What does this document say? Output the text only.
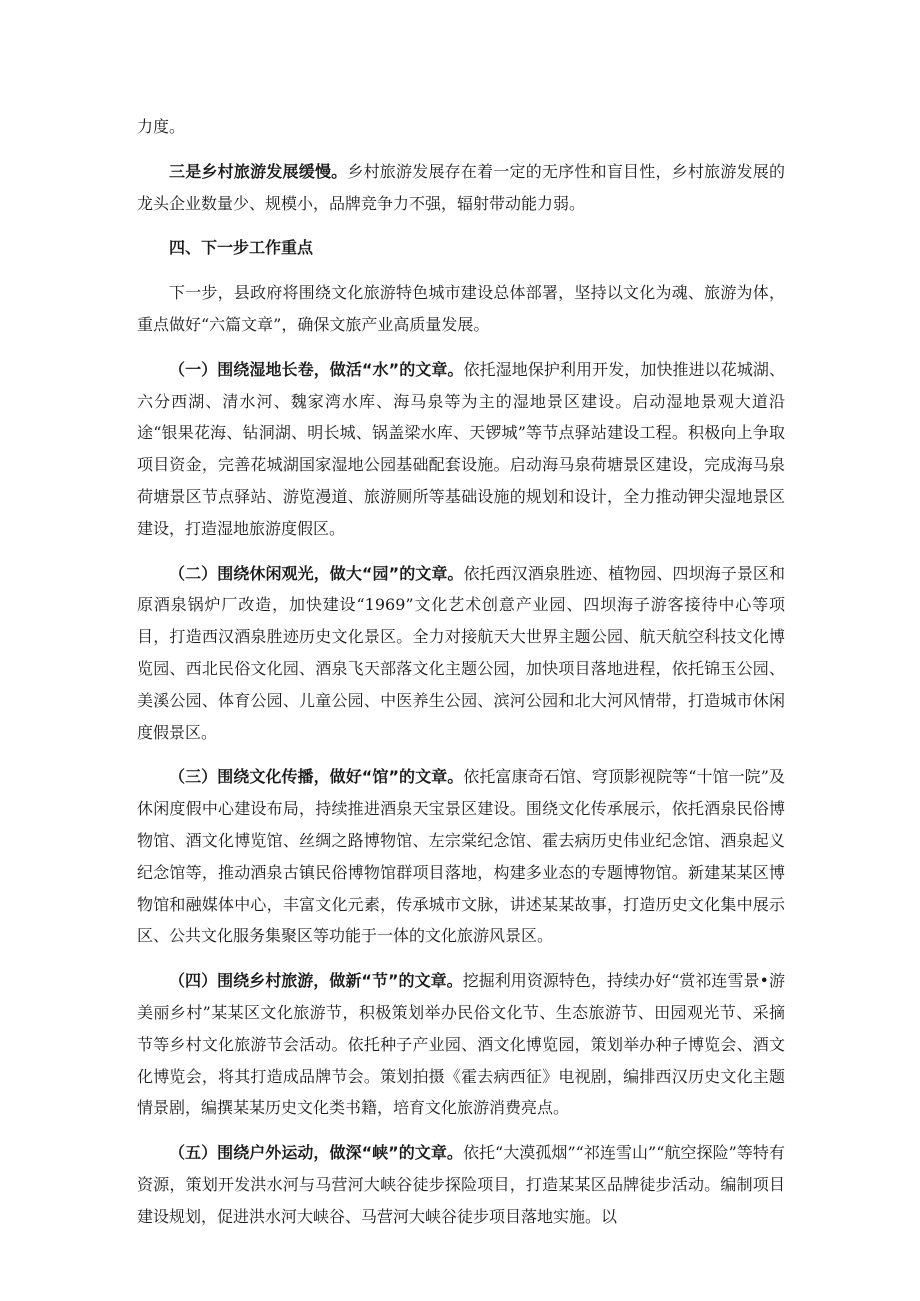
力度。

三是乡村旅游发展缓慢。乡村旅游发展存在着一定的无序性和盲目性，乡村旅游发展的龙头企业数量少、规模小，品牌竞争力不强，辐射带动能力弱。

四、下一步工作重点

下一步，县政府将围绕文化旅游特色城市建设总体部署，坚持以文化为魂、旅游为体，重点做好“六篇文章”，确保文旅产业高质量发展。

（一）围绕湿地长卷，做活“水”的文章。依托湿地保护利用开发，加快推进以花城湖、六分西湖、清水河、魏家湾水库、海马泉等为主的湿地景区建设。启动湿地景观大道沿途“银果花海、钻洞湖、明长城、锅盖梁水库、天锣城”等节点驿站建设工程。积极向上争取项目资金，完善花城湖国家湿地公园基础配套设施。启动海马泉荷塘景区建设，完成海马泉荷塘景区节点驿站、游览漫道、旅游厕所等基础设施的规划和设计，全力推动钾尖湿地景区建设，打造湿地旅游度假区。

（二）围绕休闲观光，做大“园”的文章。依托西汉酒泉胜迹、植物园、四坝海子景区和原酒泉锅炉厂改造，加快建设“1969”文化艺术创意产业园、四坝海子游客接待中心等项目，打造西汉酒泉胜迹历史文化景区。全力对接航天大世界主题公园、航天航空科技文化博览园、西北民俗文化园、酒泉飞天部落文化主题公园，加快项目落地进程，依托锦玉公园、美溪公园、体育公园、儿童公园、中医养生公园、滨河公园和北大河风情带，打造城市休闲度假景区。

（三）围绕文化传播，做好“馆”的文章。依托富康奇石馆、穹顶影视院等“十馆一院”及休闲度假中心建设布局，持续推进酒泉天宝景区建设。围绕文化传承展示，依托酒泉民俗博物馆、酒文化博览馆、丝绸之路博物馆、左宗棠纪念馆、霍去病历史伟业纪念馆、酒泉起义纪念馆等，推动酒泉古镇民俗博物馆群项目落地，构建多业态的专题博物馆。新建某某区博物馆和融媒体中心，丰富文化元素，传承城市文脉，讲述某某故事，打造历史文化集中展示区、公共文化服务集聚区等功能于一体的文化旅游风景区。

（四）围绕乡村旅游，做新“节”的文章。挖掘利用资源特色，持续办好“赏祁连雪景•游美丽乡村”某某区文化旅游节，积极策划举办民俗文化节、生态旅游节、田园观光节、采摘节等乡村文化旅游节会活动。依托种子产业园、酒文化博览园，策划举办种子博览会、酒文化博览会，将其打造成品牌节会。策划拍摄《霍去病西征》电视剧，编排西汉历史文化主题情景剧，编撰某某历史文化类书籍，培育文化旅游消费亮点。

（五）围绕户外运动，做深“峡”的文章。依托“大漠孤烟”“祁连雪山”“航空探险”等特有资源，策划开发洪水河与马营河大峡谷徒步探险项目，打造某某区品牌徒步活动。编制项目建设规划，促进洪水河大峡谷、马营河大峡谷徒步项目落地实施。以
